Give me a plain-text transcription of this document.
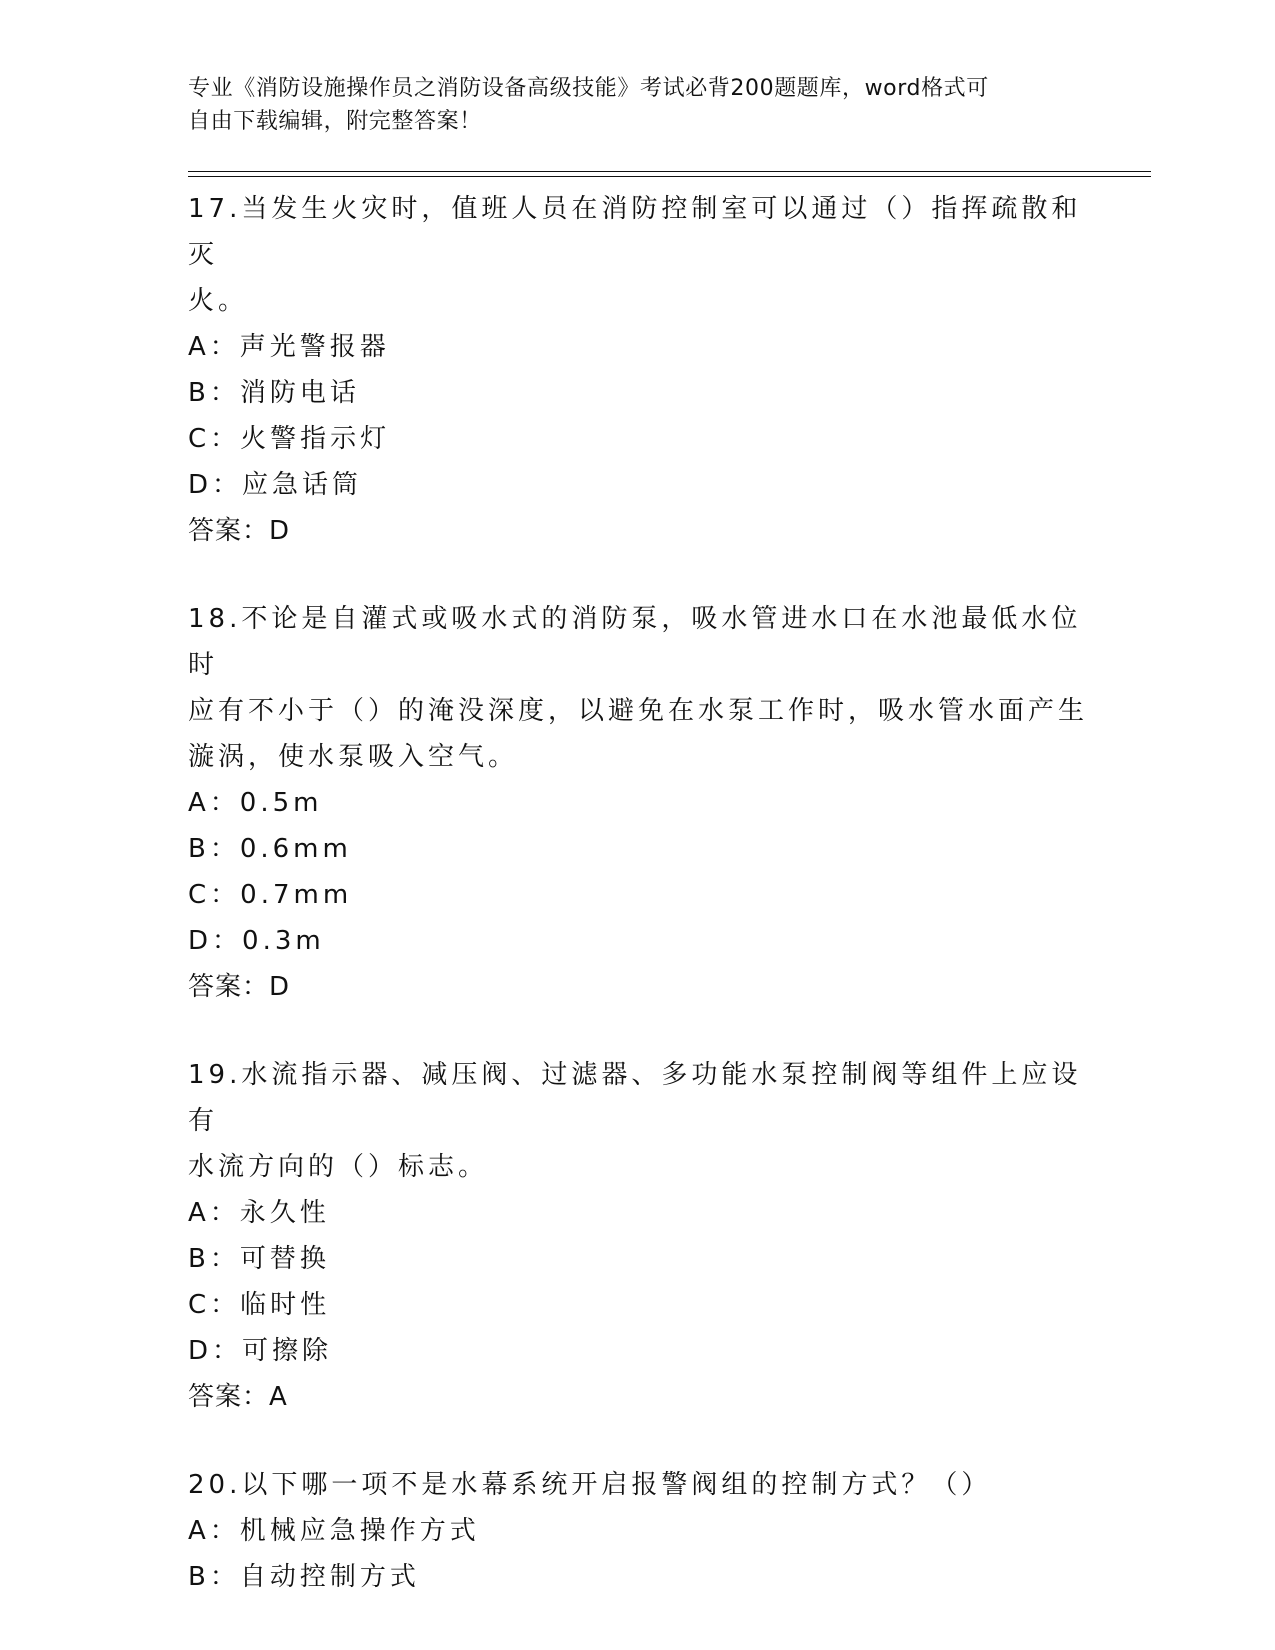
专业《消防设施操作员之消防设备高级技能》考试必背200题题库，word格式可
自由下载编辑，附完整答案！

17.当发生火灾时，值班人员在消防控制室可以通过（）指挥疏散和灭

火。

A：声光警报器

B：消防电话

C：火警指示灯

D：应急话筒

答案：D

18.不论是自灌式或吸水式的消防泵，吸水管进水口在水池最低水位时

应有不小于（）的淹没深度，以避免在水泵工作时，吸水管水面产生

漩涡，使水泵吸入空气。

A：0.5m

B：0.6mm

C：0.7mm

D：0.3m

答案：D

19.水流指示器、减压阀、过滤器、多功能水泵控制阀等组件上应设有

水流方向的（）标志。

A：永久性

B：可替换

C：临时性

D：可擦除

答案：A

20.以下哪一项不是水幕系统开启报警阀组的控制方式？（）

A：机械应急操作方式

B：自动控制方式
